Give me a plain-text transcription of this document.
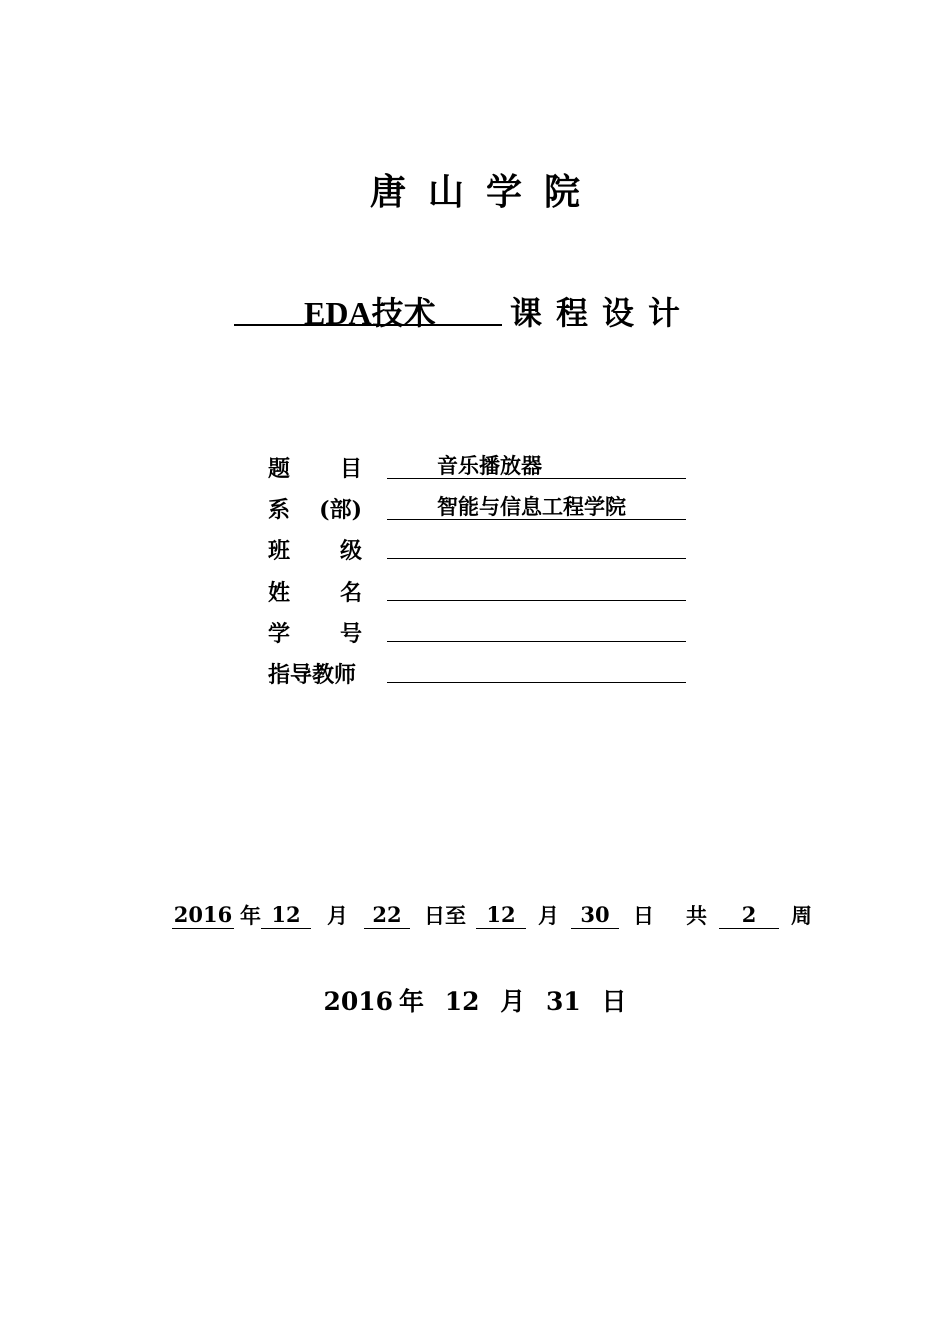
唐山学院
EDA技术 课程设计
题 目	音乐播放器
系 (部)	智能与信息工程学院
班 级
姓 名
学 号
指导教师
2016 年 12	月	22	日至 12	月	30	日	共	2	周
2016 年 12 月 31 日
